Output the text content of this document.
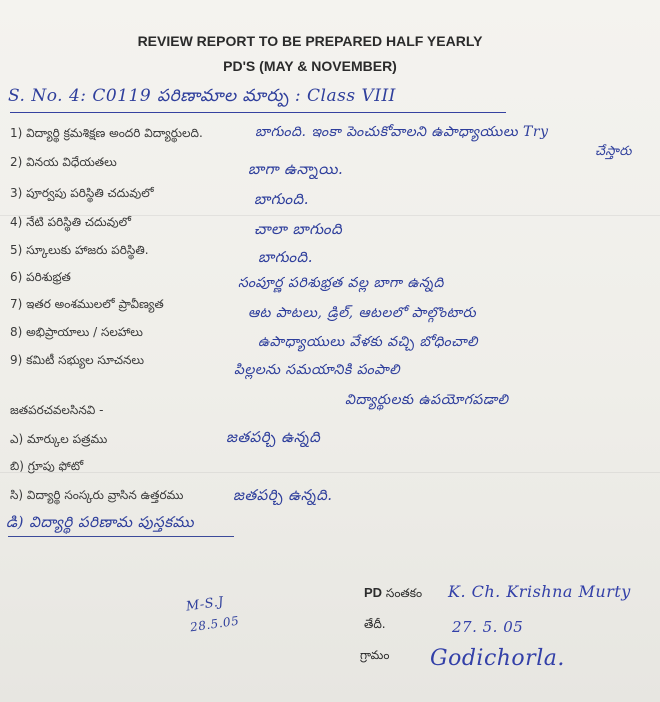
REVIEW REPORT TO BE PREPARED HALF YEARLY
PD'S (MAY & NOVEMBER)
S. No. 4: C0119 పరిణామాల మార్పు : Class VIII
1) విద్యార్థి క్రమశిక్షణ అందరి విద్యార్థులది.
2) వినయ విధేయతలు
3) పూర్వపు పరిస్థితి చదువులో
4) నేటి పరిస్థితి చదువులో
5) స్కూలుకు హాజరు పరిస్థితి.
6) పరిశుభ్రత
7) ఇతర అంశములలో ప్రావీణ్యత
8) అభిప్రాయాలు / సలహాలు
9) కమిటీ సభ్యుల సూచనలు
బాగుంది. ఇంకా పెంచుకోవాలని ఉపాధ్యాయులు Try
చేస్తారు
బాగా ఉన్నాయి.
బాగుంది.
చాలా బాగుంది
బాగుంది.
సంపూర్ణ పరిశుభ్రత వల్ల బాగా ఉన్నది
ఆట పాటలు, డ్రిల్, ఆటలలో పాల్గొంటారు
ఉపాధ్యాయులు వేళకు వచ్చి బోధించాలి
పిల్లలను సమయానికి పంపాలి
విద్యార్థులకు ఉపయోగపడాలి
జతపరచవలసినవి -
ఎ) మార్కుల పత్రము
బి) గ్రూపు ఫోటో
సి) విద్యార్థి సంస్కరు వ్రాసిన ఉత్తరము
జతపర్చి ఉన్నది
జతపర్చి ఉన్నది.
డి) విద్యార్థి పరిణామ పుస్తకము
M-S.J
28.5.05
PD సంతకం
తేదీ.
గ్రామం
K. Ch. Krishna Murty
27. 5. 05
Godichorla.
